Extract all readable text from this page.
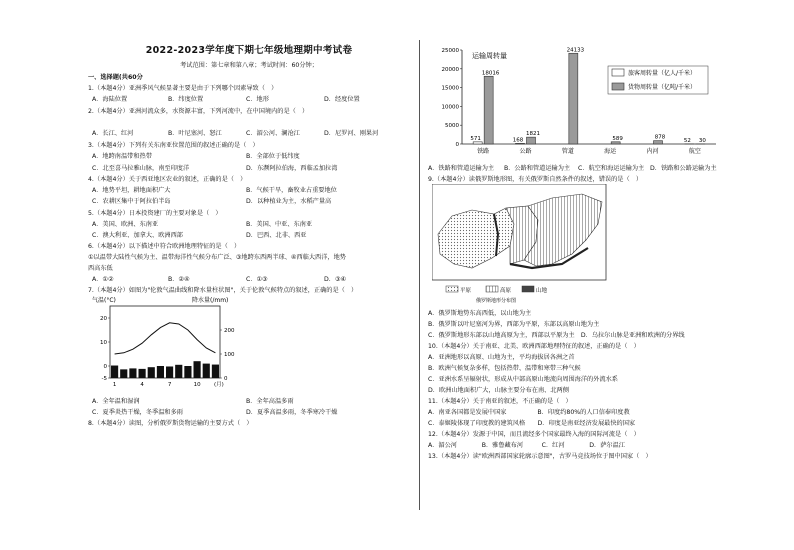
2022-2023学年度下期七年级地理期中考试卷
考试范围：第七章和第八章；考试时间：60分钟；
一、选择题(共60分
1.（本题4分）亚洲季风气候显著主要是由于下列哪个因素导致（　）
A．海陆位置	B．纬度位置	C．地形	D．经度位置
2.（本题4分）亚洲河流众多，水资源丰富，下列河流中，在中国境内的是（　）
A．长江、红河	B．叶尼塞河、怒江	C．湄公河、澜沧江	D．尼罗河、刚果河
3.（本题4分）下列有关东南亚位置范围的叙述正确的是（　）
A．地跨南温带和热带	B．全部位于低纬度
C．北至喜马拉雅山脉，南至印度洋	D．东濒阿拉伯海，西临孟加拉湾
4.（本题4分）关于西亚地区农业的叙述，正确的是（　）
A．地势平坦，耕地面积广大	B．气候干旱，畜牧业占重要地位
C．农耕区集中于阿拉伯半岛	D．以种植业为主，水稻产量高
5.（本题4分）日本投资建厂的主要对象是（　）
A．美国、欧洲、东南亚	B．美国、中亚、东南亚
C．澳大利亚、加拿大、欧洲西部	D．巴西、北非、西亚
6.（本题4分）以下描述中符合欧洲地理特征的是（　）
①以温带大陆性气候为主、温带海洋性气候分布广泛、③地跨东西两半球、④西临大西洋，地势
西高东低
A．①②	B．②④	C．①③	D．③④
7.（本题4分）如图为"伦敦气温曲线和降水量柱状图"，关于伦敦气候特点的叙述，正确的是（　）
气温(°C)	降水量(/mm)
20
10
0
-5
200
100
0
1	4	7	10 (月)
A．全年温和湿润	B．全年高温多雨
C．夏季炎热干燥，冬季温和多雨	D．夏季高温多雨，冬季寒冷干燥
8.（本题4分）读图，分析俄罗斯货物运输的主要方式（　）
25000
20000
15000
10000
5000
0
运输周转量
571
18016
168
1821
24133
589	878
52 30
铁路	公路	管道	海运	内河	航空
旅客周转量（亿人/千米）
货物周转量（亿吨/千米）
A．铁路和管道运输为主 B．公路和管道运输为主 C．航空和海运运输为主 D．铁路和公路运输为主
9.（本题4分）读俄罗斯地形图，有关俄罗斯自然条件的叙述，错误的是（　）
平原	高原	山地
俄罗斯地形分布图
A．俄罗斯地势东高西低，以山地为主
B．俄罗斯以叶尼塞河为界，西部为平原，东部以高原山地为主
C．俄罗斯地形东部以山地高原为主，西部以平原为主　D．乌拉尔山脉是亚洲和欧洲的分界线
10.（本题4分）关于南亚、北美、欧洲西部地理特征的叙述，正确的是（　）
A．亚洲地形以高原、山地为主，平均海拔居各洲之首
B．欧洲气候复杂多样，包括热带、温带和寒带三种气候
C．亚洲水系呈辐射状，形成从中部高原山地流向周围海洋的外流水系
D．欧洲山地面积广大，山脉主要分布在南、北两侧
11.（本题4分）关于南亚的叙述，不正确的是（　）
A．南亚各国都是发展中国家　　　　　B．印度约80%的人口信奉印度教
C．泰姬陵体现了印度教的建筑风格　　D．印度是南亚经济发展最快的国家
12.（本题4分）发源于中国，而且流经多个国家最终入海的国际河流是（　）
A．湄公河　　　　B．雅鲁藏布河　　　C．红河　　　　D．萨尔温江
13.（本题4分）读"欧洲西部国家轮廓示意图"，古罗马竞技场位于图中国家（　）
